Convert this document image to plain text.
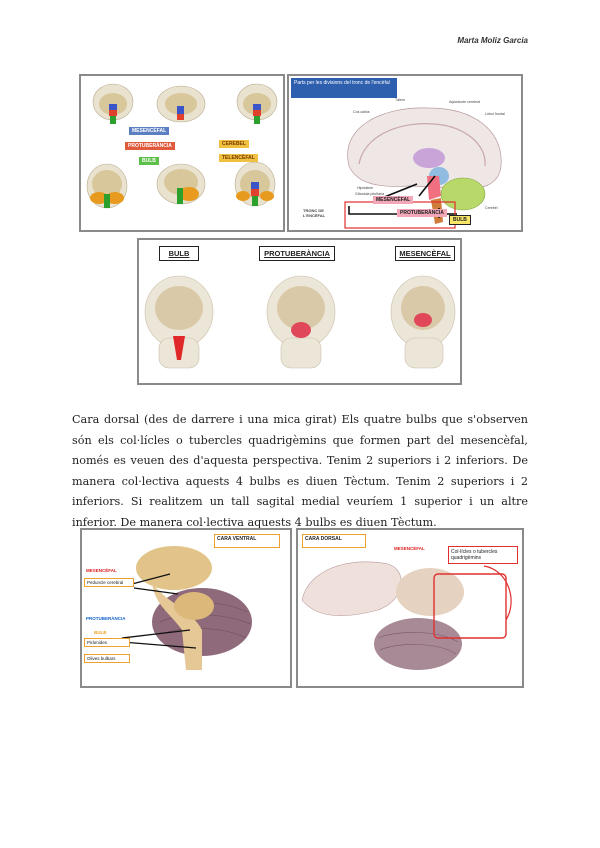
Marta Moliz Garcia
MESENCÈFAL
PROTUBERÀNCIA
BULB
CEREBEL
TELENCÈFAL
Parts per les divisions del tronc de l'encèfal
Tàlem
Cos callós
Aqüeducte cerebral
Lòbul frontal
Hipotàlem
Cerebel
Glàndula pituïtària
TRONC DE L'ENCÈFAL
MESENCÈFAL
PROTUBERÀNCIA
BULB
BULB	PROTUBERÀNCIA	MESENCÈFAL

Cara dorsal (des de darrere i una mica girat) Els quatre bulbs que s'observen són els col·lícles o tubercles quadrigèmins que formen part del mesencèfal, només es veuen des d'aquesta perspectiva. Tenim 2 superiors i 2 inferiors. De manera col·lectiva aquests 4 bulbs es diuen Tèctum. Tenim 2 superiors i 2 inferiors. Si realitzem un tall sagital medial veuríem 1 superior i un altre inferior. De manera col·lectiva aquests 4 bulbs es diuen Tèctum.

CARA VENTRAL
MESENCÈFAL
Peduncle cerebral
PROTUBERÀNCIA
BULB
Piràmides
Olives bulbars
CARA DORSAL
MESENCÈFAL
Col·lícles o tubercles quadrigèmins
